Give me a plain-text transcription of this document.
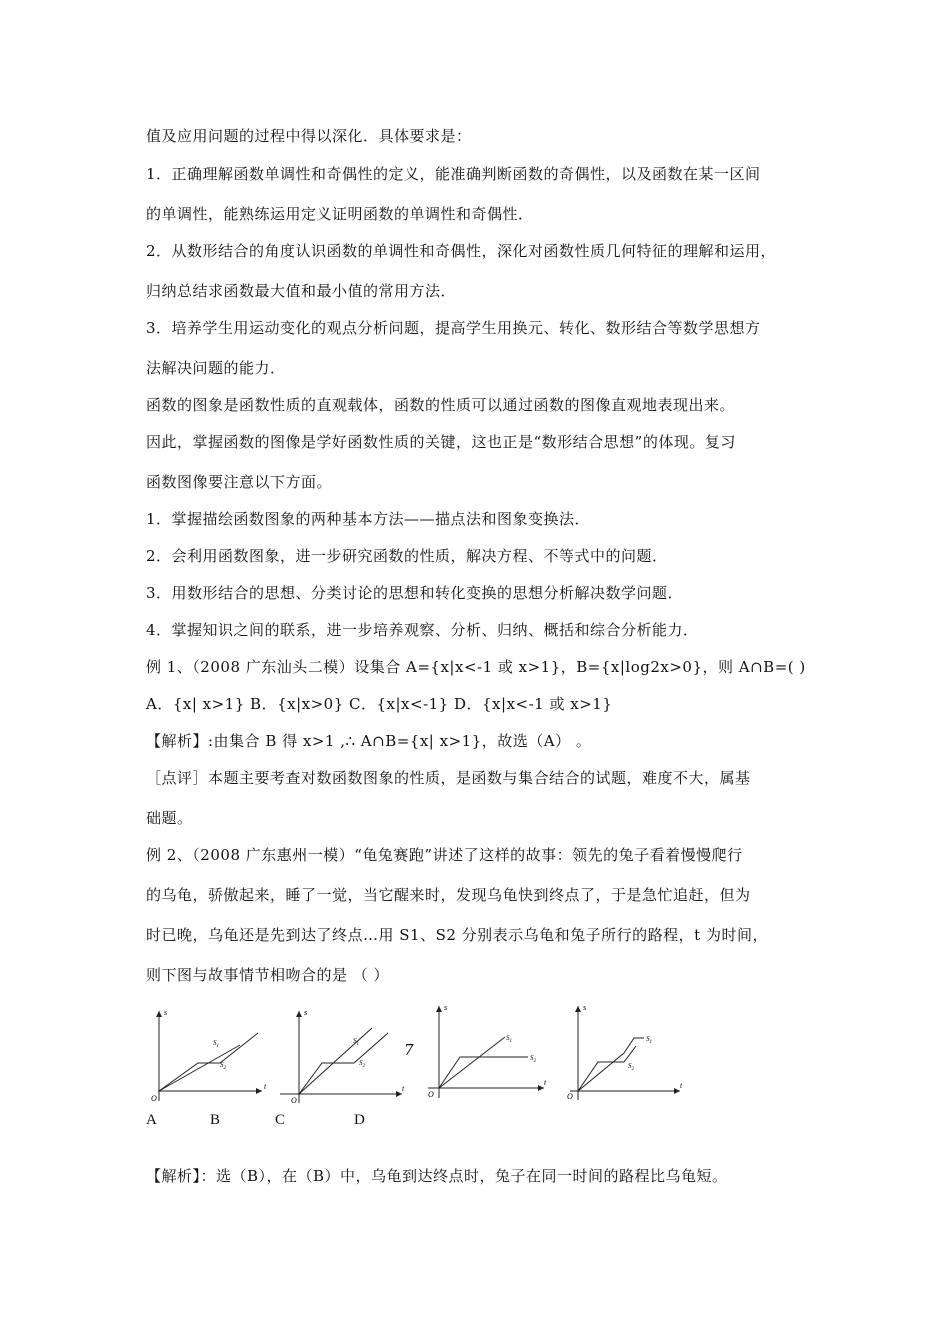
值及应用问题的过程中得以深化．具体要求是：
1．正确理解函数单调性和奇偶性的定义，能准确判断函数的奇偶性，以及函数在某一区间
的单调性，能熟练运用定义证明函数的单调性和奇偶性．
2．从数形结合的角度认识函数的单调性和奇偶性，深化对函数性质几何特征的理解和运用，
归纳总结求函数最大值和最小值的常用方法．
3．培养学生用运动变化的观点分析问题，提高学生用换元、转化、数形结合等数学思想方
法解决问题的能力．
函数的图象是函数性质的直观载体，函数的性质可以通过函数的图像直观地表现出来。
因此，掌握函数的图像是学好函数性质的关键，这也正是“数形结合思想”的体现。复习
函数图像要注意以下方面。
1．掌握描绘函数图象的两种基本方法——描点法和图象变换法．
2．会利用函数图象，进一步研究函数的性质，解决方程、不等式中的问题．
3．用数形结合的思想、分类讨论的思想和转化变换的思想分析解决数学问题．
4．掌握知识之间的联系，进一步培养观察、分析、归纳、概括和综合分析能力．
例 1、（2008 广东汕头二模）设集合 A={x|x<-1 或 x>1}，B={x|log2x>0}，则 A∩B=( )
A．{x| x>1} B．{x|x>0} C．{x|x<-1} D．{x|x<-1 或 x>1}
【解析】:由集合 B 得 x>1 ,∴ A∩B={x| x>1}，故选（A） 。
［点评］本题主要考查对数函数图象的性质，是函数与集合结合的试题，难度不大，属基
础题。
例 2、（2008 广东惠州一模）“龟兔赛跑”讲述了这样的故事：领先的兔子看着慢慢爬行
的乌龟，骄傲起来，睡了一觉，当它醒来时，发现乌龟快到终点了，于是急忙追赶，但为
时已晚，乌龟还是先到达了终点…用 S1、S2 分别表示乌龟和兔子所行的路程，t 为时间，
则下图与故事情节相吻合的是 （ ）
s
t
O
$S_1$
$S_2$
s
t
O
$S_1$
$S_2$
7
s
t
O
$S_1$
$S_2$
s
t
O
$S_1$
$S_2$
A	B	C	D
【解析】：选（B），在（B）中，乌龟到达终点时，兔子在同一时间的路程比乌龟短。
